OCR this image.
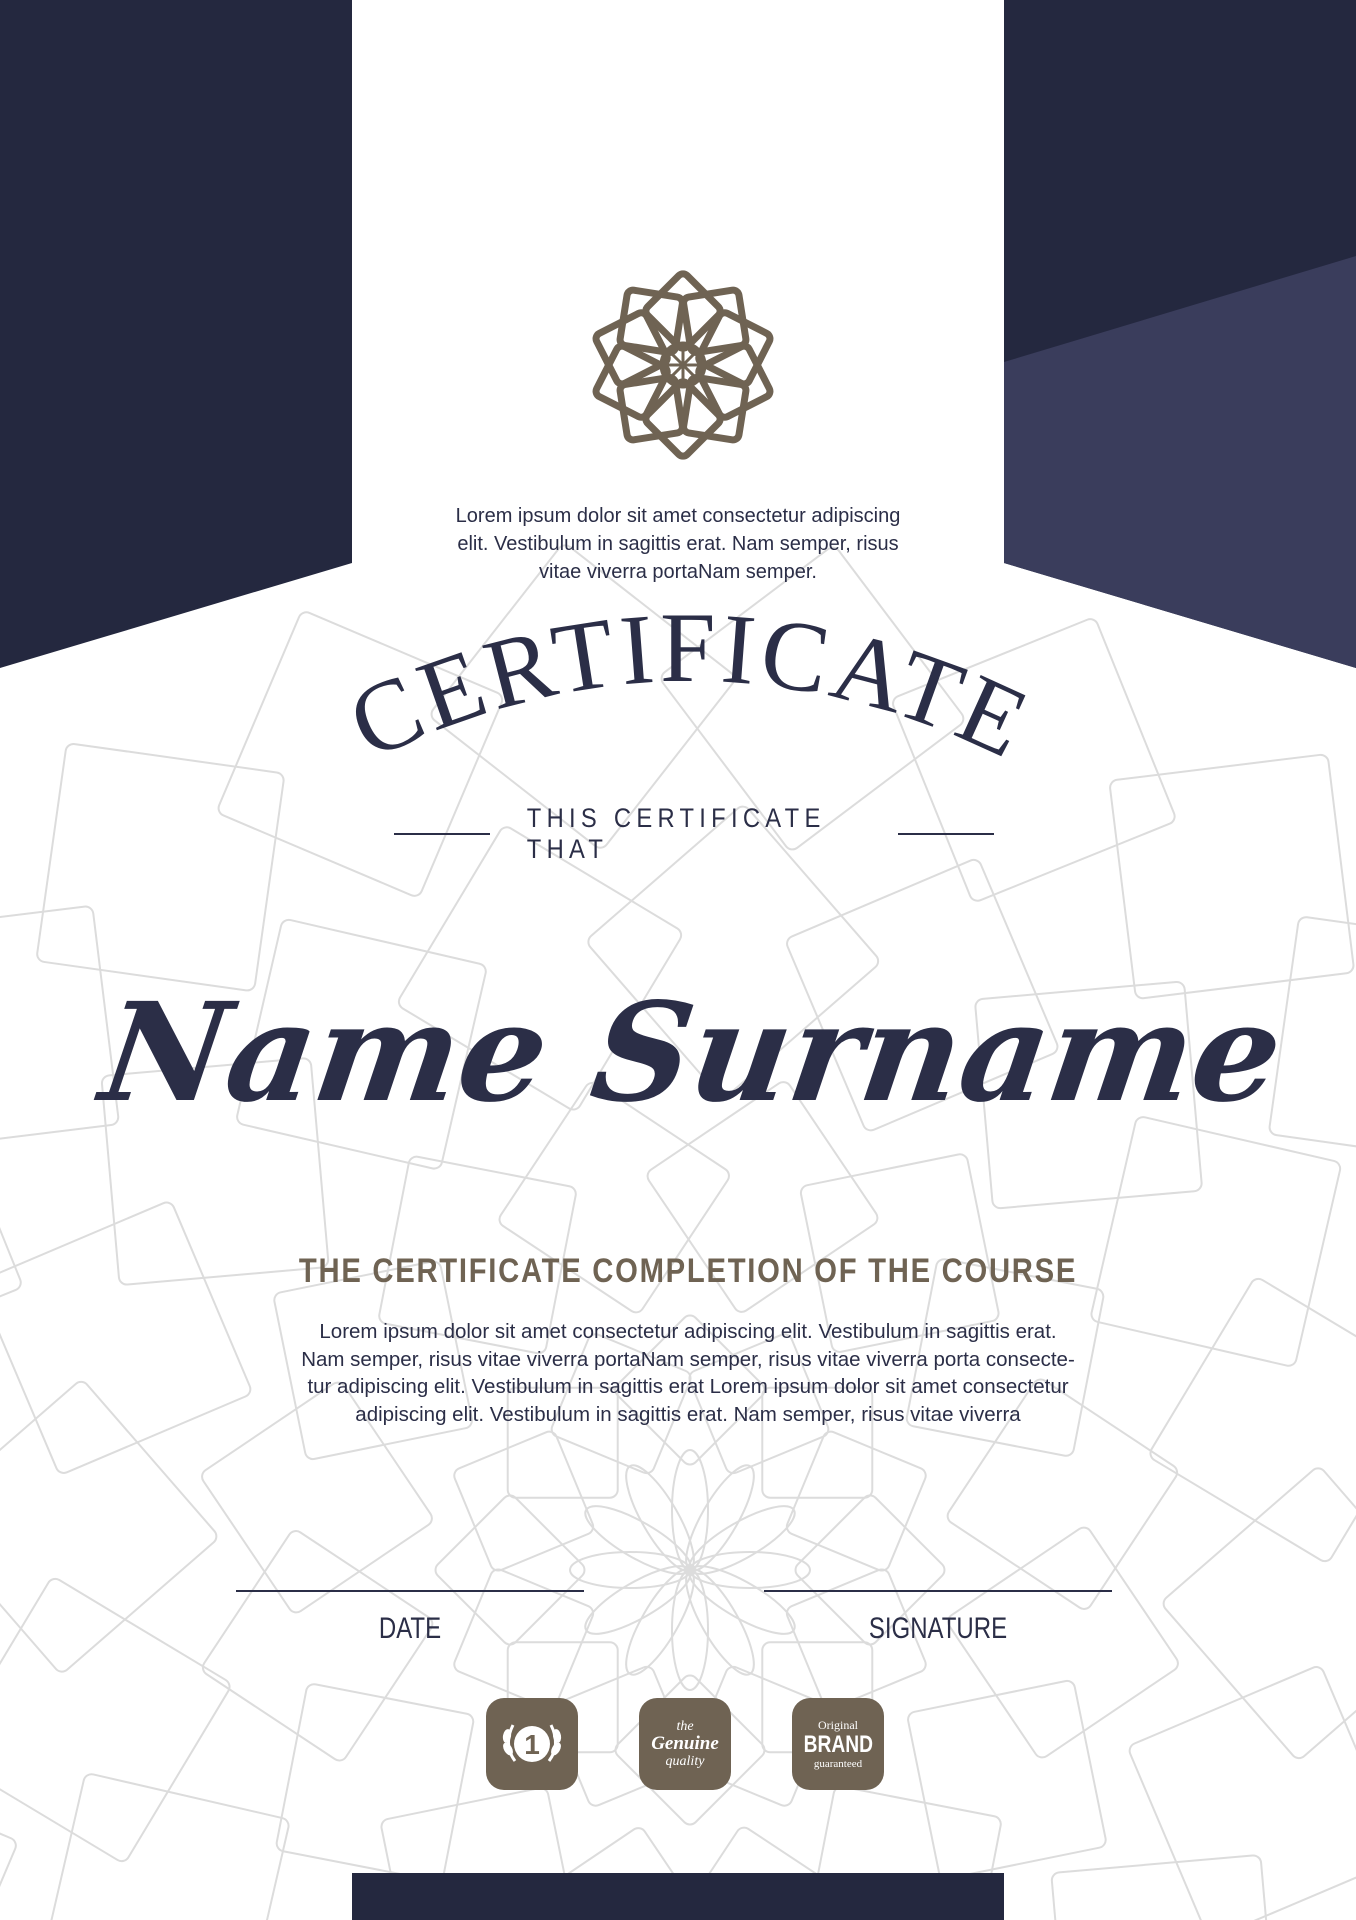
Lorem ipsum dolor sit amet consectetur adipiscing
elit. Vestibulum in sagittis erat. Nam semper, risus
vitae viverra portaNam semper.
CERTIFICATE
Name Surname
THIS CERTIFICATE THAT
THE CERTIFICATE COMPLETION OF THE COURSE
Lorem ipsum dolor sit amet consectetur adipiscing elit. Vestibulum in sagittis erat.
Nam semper, risus vitae viverra portaNam semper, risus vitae viverra porta consecte-
tur adipiscing elit. Vestibulum in sagittis erat Lorem ipsum dolor sit amet consectetur
adipiscing elit. Vestibulum in sagittis erat. Nam semper, risus vitae viverra
DATE	SIGNATURE
1
the
Genuine
quality
Original
BRAND
guaranteed
